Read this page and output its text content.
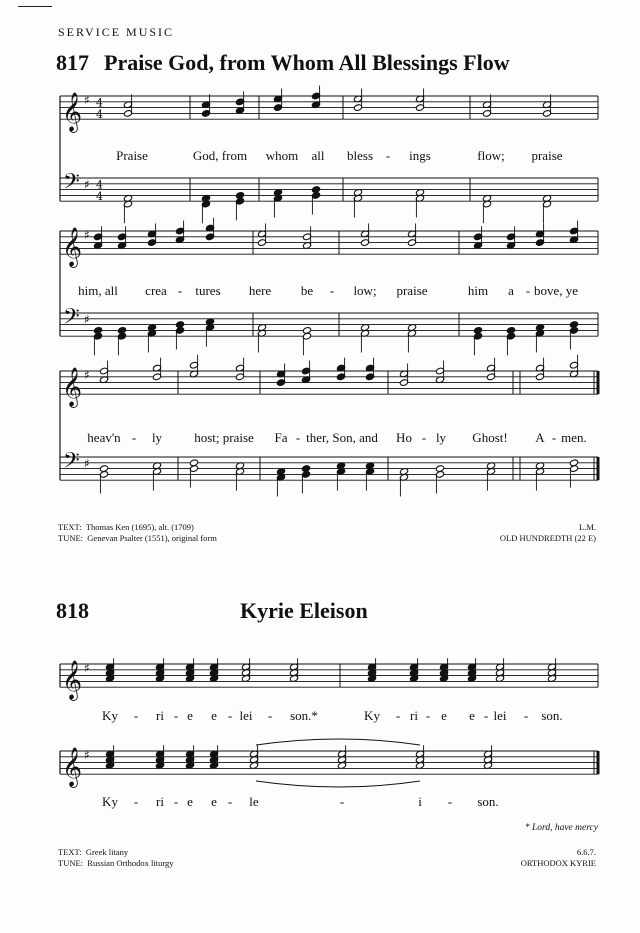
SERVICE MUSIC
817 Praise God, from Whom All Blessings Flow
𝄞
𝄢
♯
♯
4
4
4
4
𝄞
𝄢
♯
♯
𝄞
𝄢
♯
♯
𝄞 ♯
𝄞 ♯
Praise	God, from whom all bless - ings	flow; praise
him, all crea - tures here be - low; praise	him a - bove, ye
heav'n - ly host; praise Fa - ther, Son, and Ho - ly Ghost! A - men.
TEXT: Thomas Ken (1695), alt. (1709)
TUNE: Genevan Psalter (1551), original form
L.M.
OLD HUNDREDTH (22 E)
818	Kyrie Eleison
Ky - ri - e e - lei - son.*	Ky - ri - e e - lei - son.
Ky - ri - e e - le	-	i - son.
* Lord, have mercy
TEXT: Greek litany
TUNE: Russian Orthodox liturgy
6.6.7.
ORTHODOX KYRIE
